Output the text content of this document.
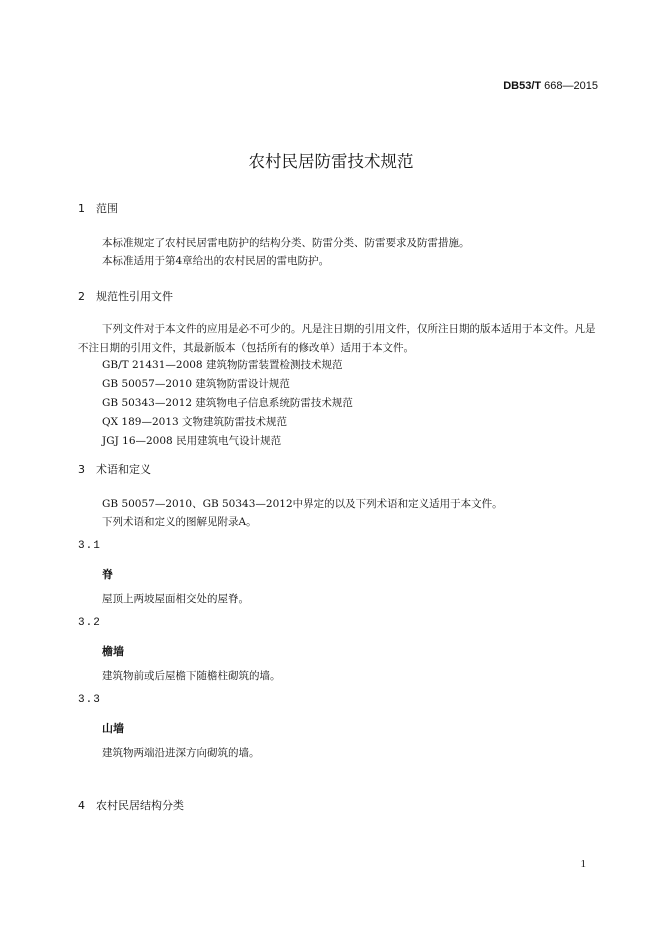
DB53/T 668—2015
农村民居防雷技术规范
1 范围
本标准规定了农村民居雷电防护的结构分类、防雷分类、防雷要求及防雷措施。
本标准适用于第4章给出的农村民居的雷电防护。
2 规范性引用文件
下列文件对于本文件的应用是必不可少的。凡是注日期的引用文件，仅所注日期的版本适用于本文件。凡是不注日期的引用文件，其最新版本（包括所有的修改单）适用于本文件。
GB/T 21431—2008 建筑物防雷装置检测技术规范
GB 50057—2010 建筑物防雷设计规范
GB 50343—2012 建筑物电子信息系统防雷技术规范
QX 189—2013 文物建筑防雷技术规范
JGJ 16—2008 民用建筑电气设计规范
3 术语和定义
GB 50057—2010、GB 50343—2012中界定的以及下列术语和定义适用于本文件。
下列术语和定义的图解见附录A。
3.1
脊
屋顶上两坡屋面相交处的屋脊。
3.2
檐墙
建筑物前或后屋檐下随檐柱砌筑的墙。
3.3
山墙
建筑物两端沿进深方向砌筑的墙。
4 农村民居结构分类
1
